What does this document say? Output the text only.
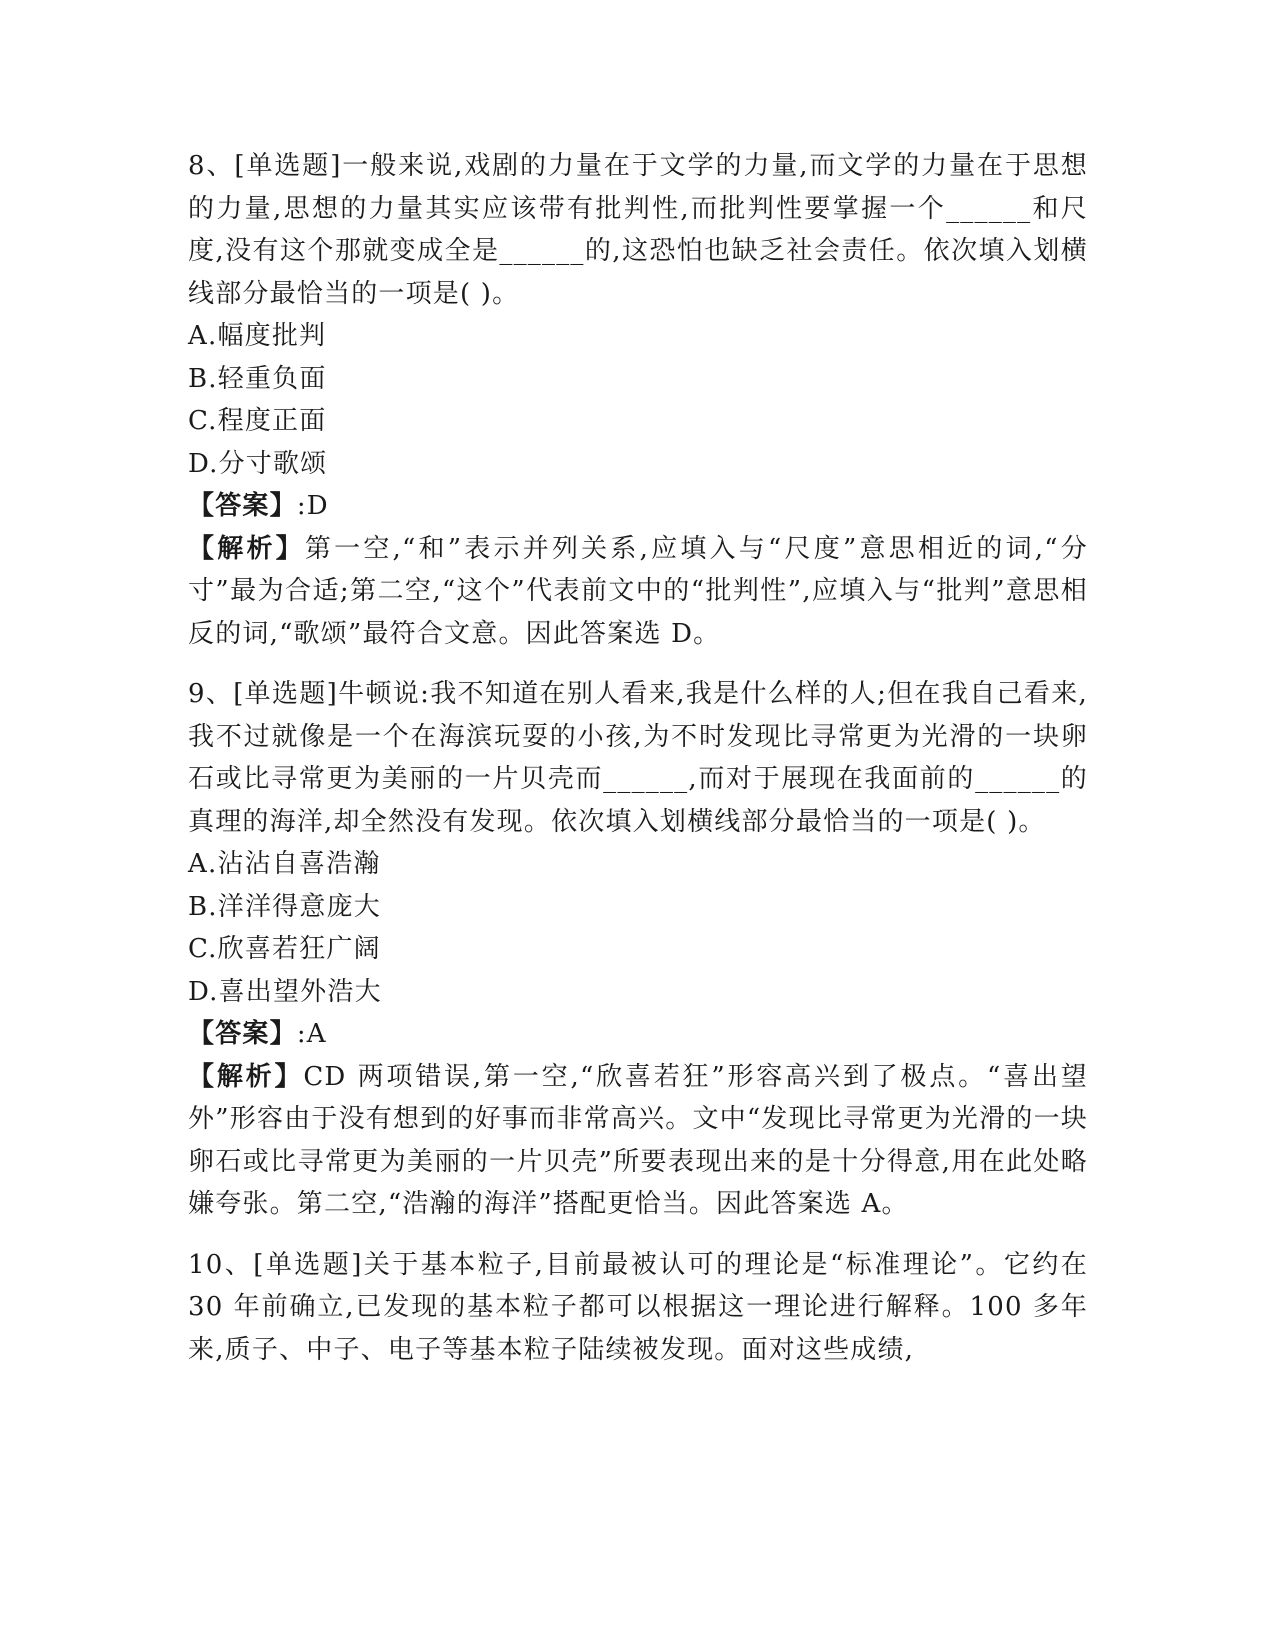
8、[单选题]一般来说,戏剧的力量在于文学的力量,而文学的力量在于思想的力量,思想的力量其实应该带有批判性,而批判性要掌握一个______和尺度,没有这个那就变成全是______的,这恐怕也缺乏社会责任。依次填入划横线部分最恰当的一项是( )。

A.幅度批判

B.轻重负面

C.程度正面

D.分寸歌颂

【答案】:D

【解析】第一空,“和”表示并列关系,应填入与“尺度”意思相近的词,“分寸”最为合适;第二空,“这个”代表前文中的“批判性”,应填入与“批判”意思相反的词,“歌颂”最符合文意。因此答案选 D。

9、[单选题]牛顿说:我不知道在别人看来,我是什么样的人;但在我自己看来,我不过就像是一个在海滨玩耍的小孩,为不时发现比寻常更为光滑的一块卵石或比寻常更为美丽的一片贝壳而______,而对于展现在我面前的______的真理的海洋,却全然没有发现。依次填入划横线部分最恰当的一项是( )。

A.沾沾自喜浩瀚

B.洋洋得意庞大

C.欣喜若狂广阔

D.喜出望外浩大

【答案】:A

【解析】CD 两项错误,第一空,“欣喜若狂”形容高兴到了极点。“喜出望外”形容由于没有想到的好事而非常高兴。文中“发现比寻常更为光滑的一块卵石或比寻常更为美丽的一片贝壳”所要表现出来的是十分得意,用在此处略嫌夸张。第二空,“浩瀚的海洋”搭配更恰当。因此答案选 A。

10、[单选题]关于基本粒子,目前最被认可的理论是“标准理论”。它约在 30 年前确立,已发现的基本粒子都可以根据这一理论进行解释。100 多年来,质子、中子、电子等基本粒子陆续被发现。面对这些成绩,
